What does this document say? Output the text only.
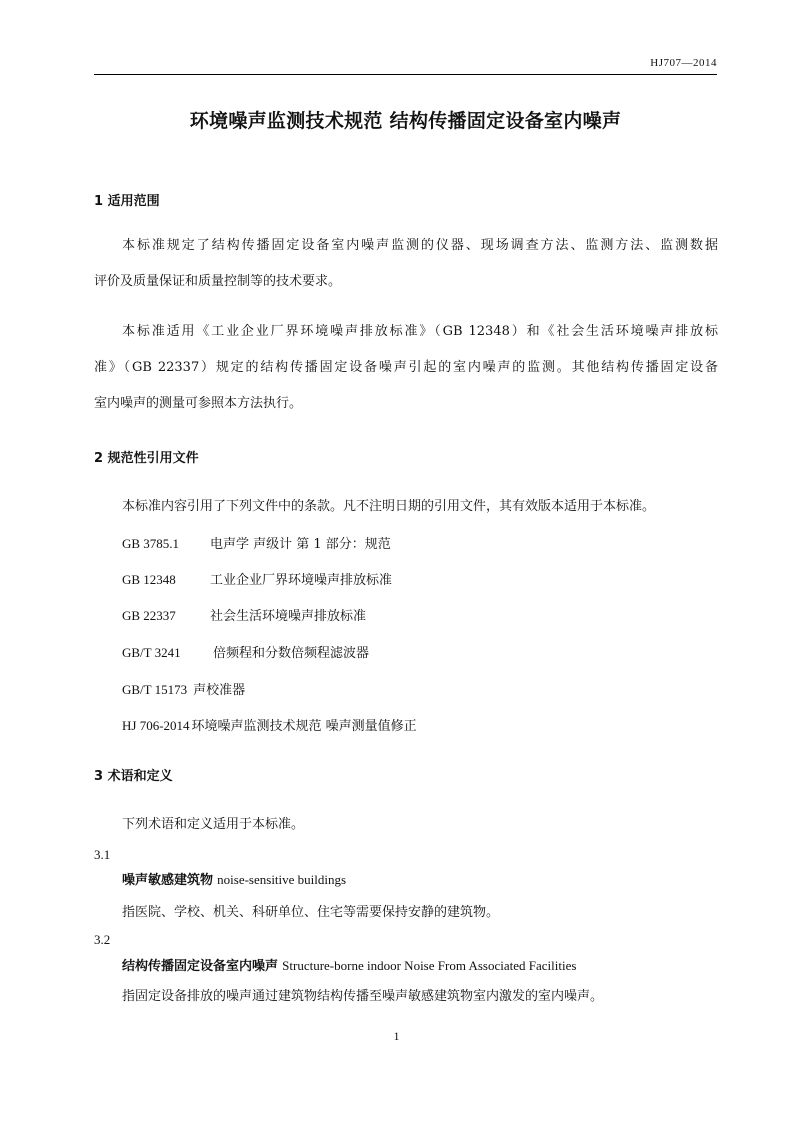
HJ707—2014
环境噪声监测技术规范 结构传播固定设备室内噪声
1 适用范围
本标准规定了结构传播固定设备室内噪声监测的仪器、现场调查方法、监测方法、监测数据
评价及质量保证和质量控制等的技术要求。
本标准适用《工业企业厂界环境噪声排放标准》（GB 12348）和《社会生活环境噪声排放标
准》（GB 22337）规定的结构传播固定设备噪声引起的室内噪声的监测。其他结构传播固定设备
室内噪声的测量可参照本方法执行。
2 规范性引用文件
本标准内容引用了下列文件中的条款。凡不注明日期的引用文件，其有效版本适用于本标准。
GB 3785.1 电声学 声级计 第 1 部分：规范
GB 12348	工业企业厂界环境噪声排放标准
GB 22337	社会生活环境噪声排放标准
GB/T 3241 倍频程和分数倍频程滤波器
GB/T 15173 声校准器
HJ 706-2014 环境噪声监测技术规范 噪声测量值修正
3 术语和定义
下列术语和定义适用于本标准。
3.1
噪声敏感建筑物 noise-sensitive buildings
指医院、学校、机关、科研单位、住宅等需要保持安静的建筑物。
3.2
结构传播固定设备室内噪声 Structure-borne indoor Noise From Associated Facilities
指固定设备排放的噪声通过建筑物结构传播至噪声敏感建筑物室内激发的室内噪声。
1
